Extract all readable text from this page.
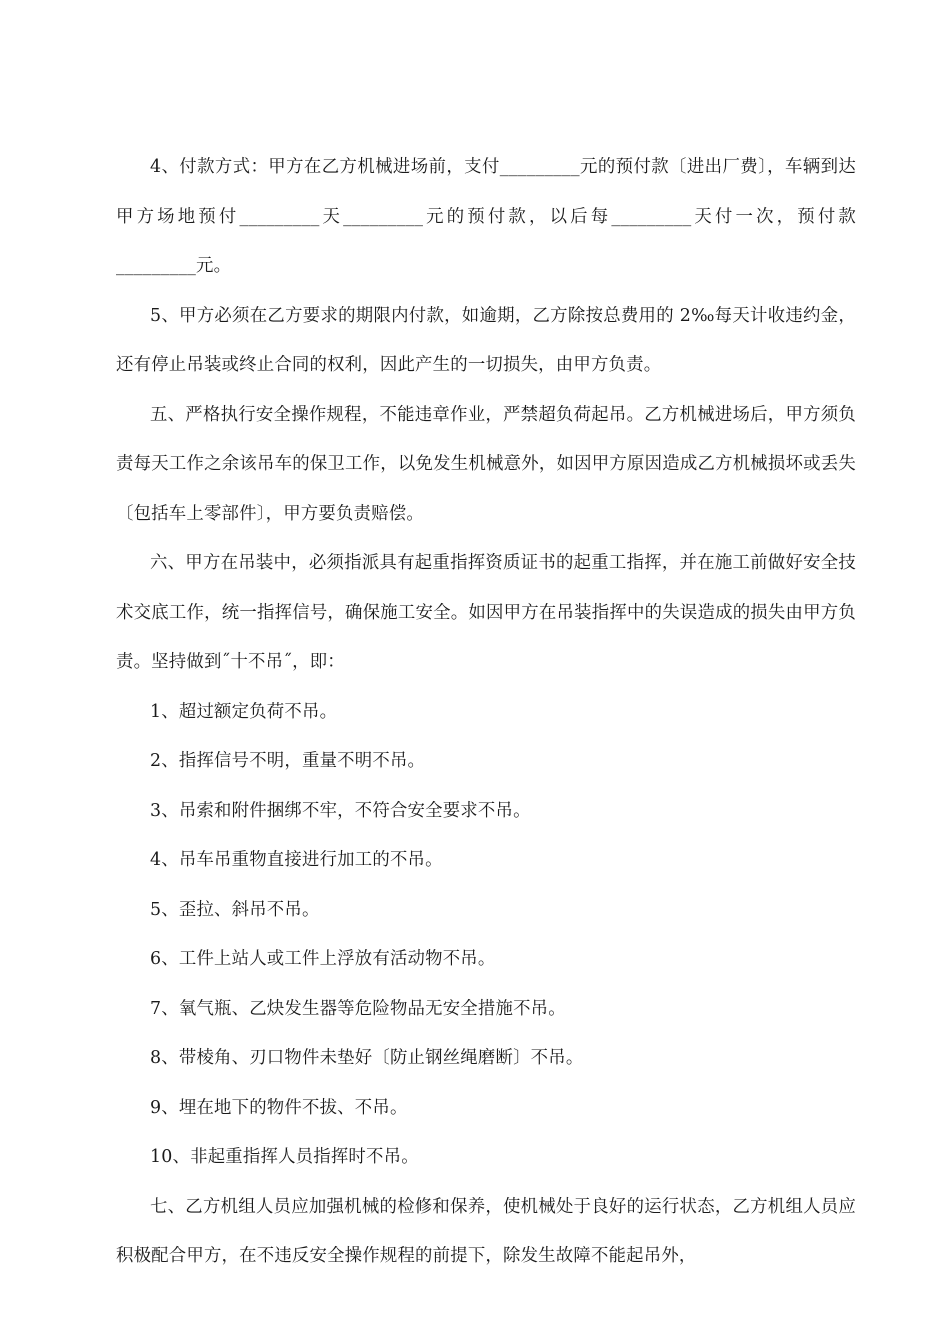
4、付款方式：甲方在乙方机械进场前，支付_________元的预付款〔进出厂费〕，车辆到达甲方场地预付_________天_________元的预付款，以后每_________天付一次，预付款_________元。

5、甲方必须在乙方要求的期限内付款，如逾期，乙方除按总费用的 2‰每天计收违约金，还有停止吊装或终止合同的权利，因此产生的一切损失，由甲方负责。

五、严格执行安全操作规程，不能违章作业，严禁超负荷起吊。乙方机械进场后，甲方须负责每天工作之余该吊车的保卫工作，以免发生机械意外，如因甲方原因造成乙方机械损坏或丢失〔包括车上零部件〕，甲方要负责赔偿。

六、甲方在吊装中，必须指派具有起重指挥资质证书的起重工指挥，并在施工前做好安全技术交底工作，统一指挥信号，确保施工安全。如因甲方在吊装指挥中的失误造成的损失由甲方负责。坚持做到˝十不吊˝，即：

1、超过额定负荷不吊。

2、指挥信号不明，重量不明不吊。

3、吊索和附件捆绑不牢，不符合安全要求不吊。

4、吊车吊重物直接进行加工的不吊。

5、歪拉、斜吊不吊。

6、工件上站人或工件上浮放有活动物不吊。

7、氧气瓶、乙炔发生器等危险物品无安全措施不吊。

8、带棱角、刃口物件未垫好〔防止钢丝绳磨断〕不吊。

9、埋在地下的物件不拔、不吊。

10、非起重指挥人员指挥时不吊。

七、乙方机组人员应加强机械的检修和保养，使机械处于良好的运行状态，乙方机组人员应积极配合甲方，在不违反安全操作规程的前提下，除发生故障不能起吊外，
